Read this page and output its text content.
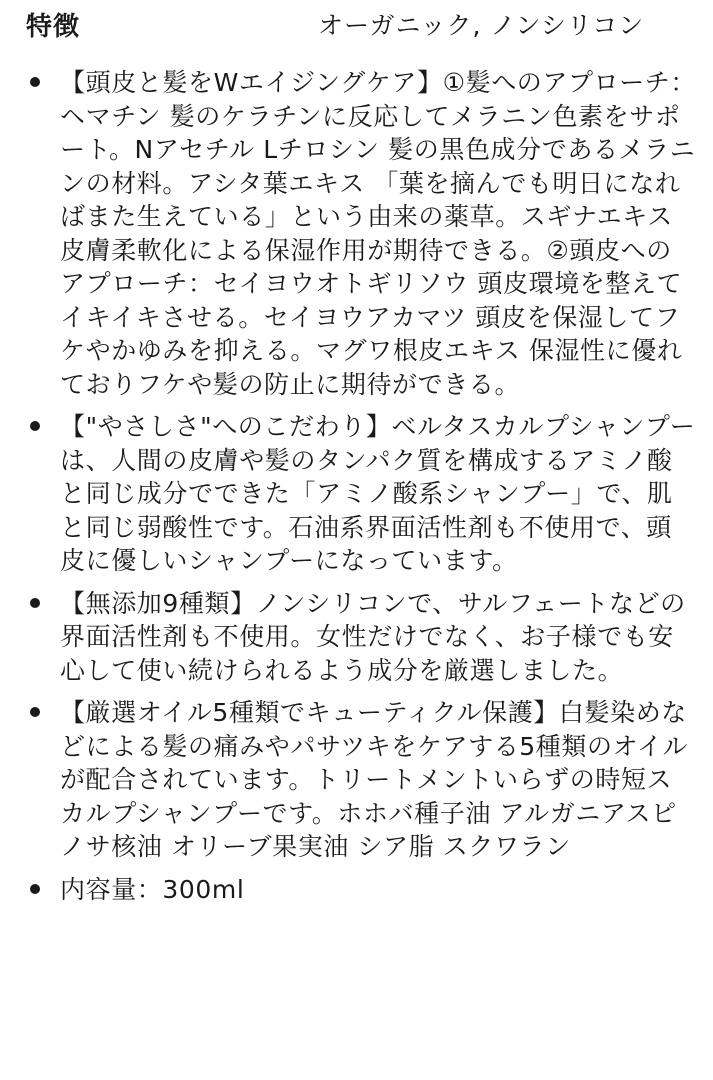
特徴	オーガニック, ノンシリコン
【頭皮と髪をWエイジングケア】①髪へのアプローチ：ヘマチン 髪のケラチンに反応してメラニン色素をサポート。Nアセチル Lチロシン 髪の黒色成分であるメラニンの材料。アシタ葉エキス 「葉を摘んでも明日になればまた生えている」という由来の薬草。スギナエキス 皮膚柔軟化による保湿作用が期待できる。②頭皮へのアプローチ：セイヨウオトギリソウ 頭皮環境を整えてイキイキさせる。セイヨウアカマツ 頭皮を保湿してフケやかゆみを抑える。マグワ根皮エキス 保湿性に優れておりフケや髪の防止に期待ができる。
【"やさしさ"へのこだわり】ベルタスカルプシャンプーは、人間の皮膚や髪のタンパク質を構成するアミノ酸と同じ成分でできた「アミノ酸系シャンプー」で、肌と同じ弱酸性です。石油系界面活性剤も不使用で、頭皮に優しいシャンプーになっています。
【無添加9種類】ノンシリコンで、サルフェートなどの界面活性剤も不使用。女性だけでなく、お子様でも安心して使い続けられるよう成分を厳選しました。
【厳選オイル5種類でキューティクル保護】白髪染めなどによる髪の痛みやパサツキをケアする5種類のオイルが配合されています。トリートメントいらずの時短スカルプシャンプーです。ホホバ種子油 アルガニアスピノサ核油 オリーブ果実油 シア脂 スクワラン
内容量：300ml
